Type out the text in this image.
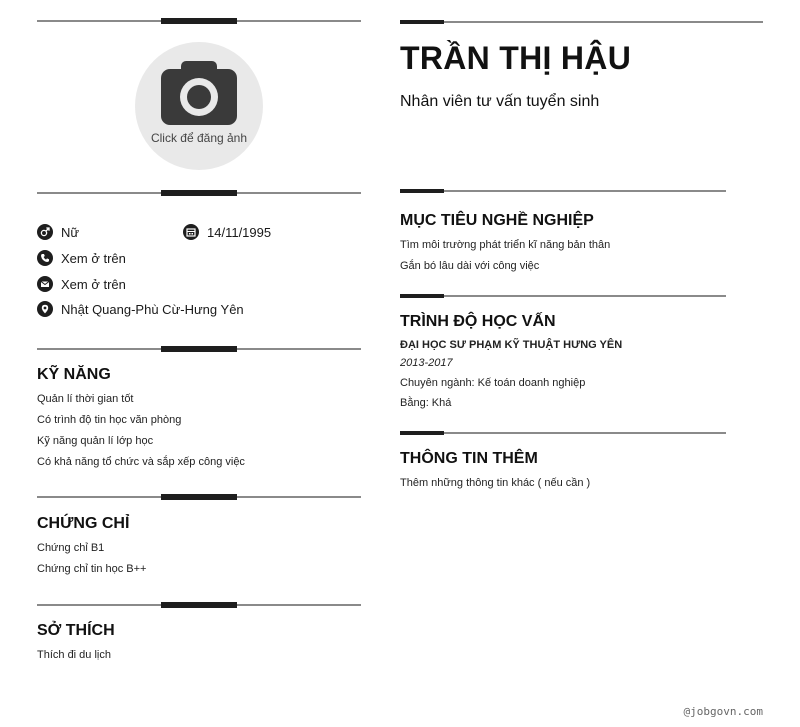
Click để đăng ảnh
Nữ	14/11/1995
Xem ở trên
Xem ở trên
Nhật Quang-Phù Cừ-Hưng Yên
KỸ NĂNG
Quản lí thời gian tốt
Có trình độ tin học văn phòng
Kỹ năng quản lí lớp học
Có khả năng tổ chức và sắp xếp công việc
CHỨNG CHỈ
Chứng chỉ B1
Chứng chỉ tin học B++
SỞ THÍCH
Thích đi du lịch
TRẦN THỊ HẬU
Nhân viên tư vấn tuyển sinh
MỤC TIÊU NGHỀ NGHIỆP
Tìm môi trường phát triển kĩ năng bản thân
Gắn bó lâu dài với công việc
TRÌNH ĐỘ HỌC VẤN
ĐẠI HỌC SƯ PHẠM KỸ THUẬT HƯNG YÊN
2013-2017
Chuyên ngành: Kế toán doanh nghiệp
Bằng: Khá
THÔNG TIN THÊM
Thêm những thông tin khác ( nếu cần )
@jobgovn.com
